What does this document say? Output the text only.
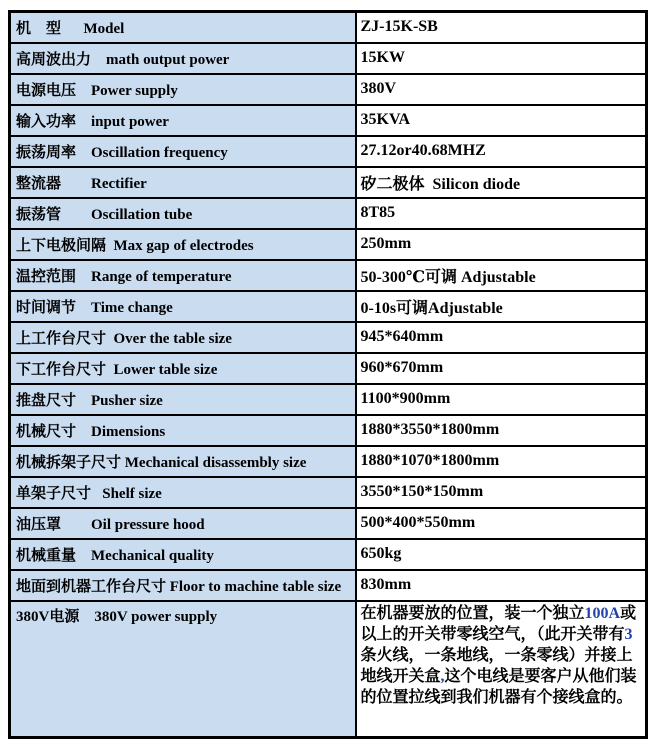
机　型      Model	ZJ-15K-SB
高周波出力    math output power	15KW
电源电压    Power supply	380V
输入功率    input power	35KVA
振荡周率    Oscillation frequency	27.12or40.68MHZ
整流器        Rectifier	矽二极体  Silicon diode
振荡管        Oscillation tube	8T85
上下电极间隔  Max gap of electrodes	250mm
温控范围    Range of temperature	50-300℃可调 Adjustable
时间调节    Time change	0-10s可调Adjustable
上工作台尺寸  Over the table size	945*640mm
下工作台尺寸  Lower table size	960*670mm
推盘尺寸    Pusher size	1100*900mm
机械尺寸    Dimensions	1880*3550*1800mm
机械拆架子尺寸 Mechanical disassembly size	1880*1070*1800mm
单架子尺寸   Shelf size	3550*150*150mm
油压罩        Oil pressure hood	500*400*550mm
机械重量    Mechanical quality	650kg
地面到机器工作台尺寸 Floor to machine table size	830mm
380V电源    380V power supply	在机器要放的位置，装一个独立100A或以上的开关带零线空气，（此开关带有3条火线，一条地线，一条零线）并接上地线开关盒,这个电线是要客户从他们装的位置拉线到我们机器有个接线盒的。
